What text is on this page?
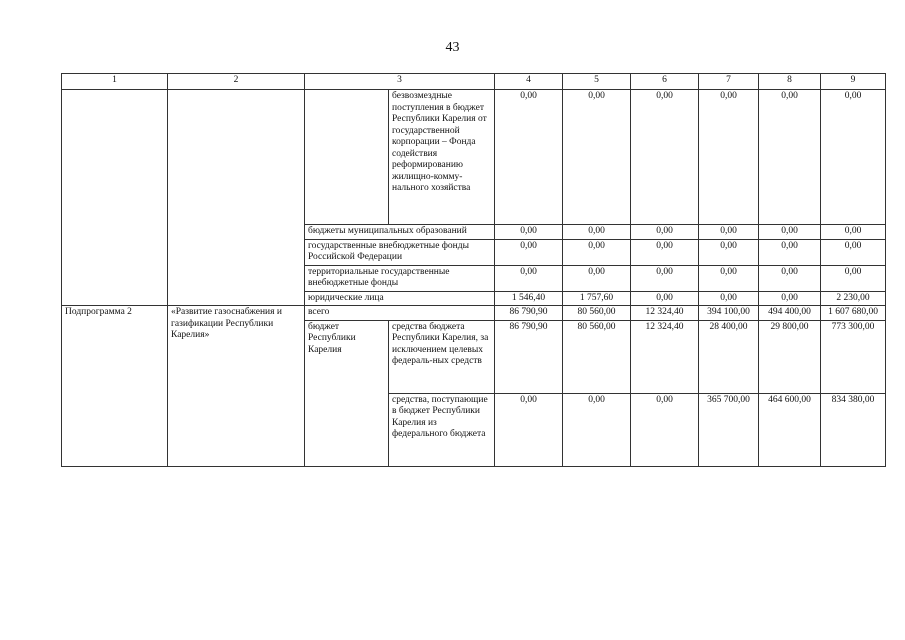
43
1	2	3		4	5	6	7	8	9
			безвозмездные поступления в бюджет Республики Карелия от государственной корпорации – Фонда содействия реформированию жилищно-комму-нального хозяйства	0,00	0,00	0,00	0,00	0,00	0,00
		бюджеты муниципальных образований		0,00	0,00	0,00	0,00	0,00	0,00
		государственные внебюджетные фонды Российской Федерации		0,00	0,00	0,00	0,00	0,00	0,00
		территориальные государственные внебюджетные фонды		0,00	0,00	0,00	0,00	0,00	0,00
		юридические лица		1 546,40	1 757,60	0,00	0,00	0,00	2 230,00
Подпрограмма 2	«Развитие газоснабжения и газификации Республики Карелия»	всего		86 790,90	80 560,00	12 324,40	394 100,00	494 400,00	1 607 680,00
		бюджет Республики Карелия	средства бюджета Республики Карелия, за исключением целевых федераль-ных средств	86 790,90	80 560,00	12 324,40	28 400,00	29 800,00	773 300,00
			средства, поступающие в бюджет Республики Карелия из федерального бюджета	0,00	0,00	0,00	365 700,00	464 600,00	834 380,00
